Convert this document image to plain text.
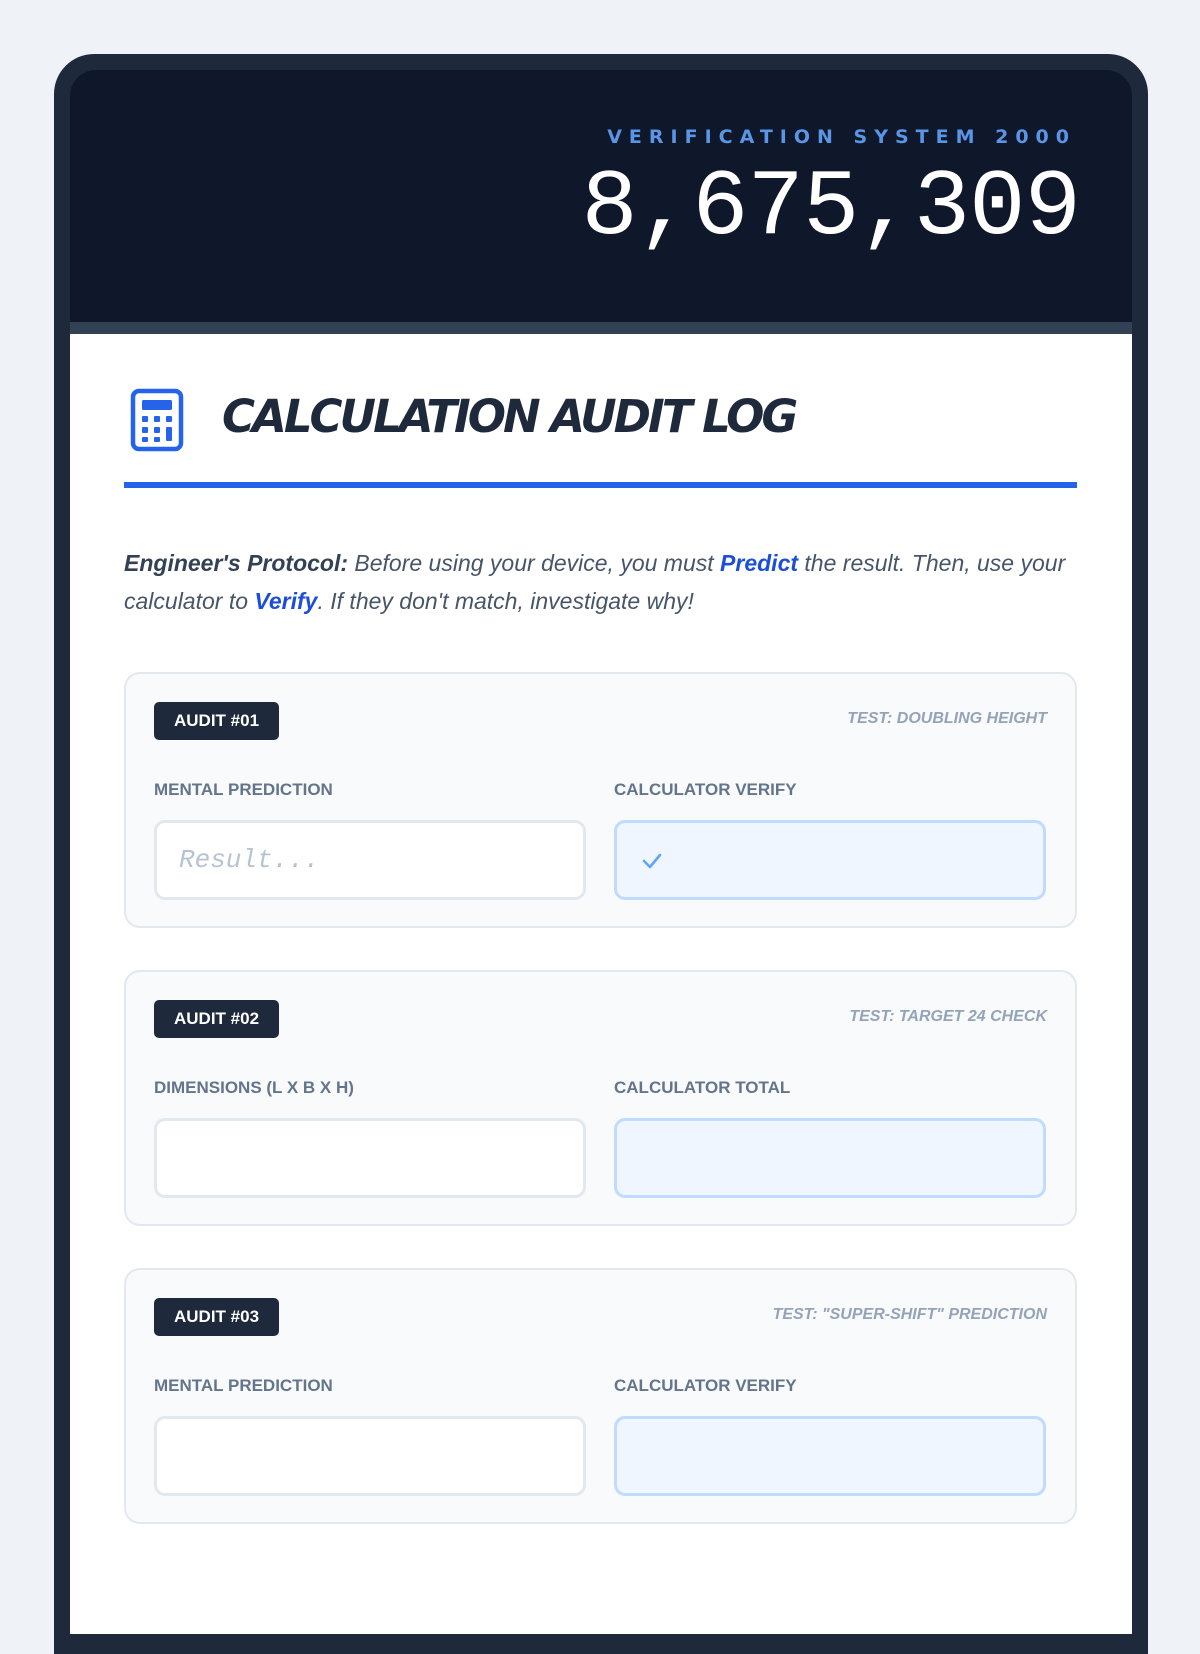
VERIFICATION SYSTEM 2000
8,675,309
CALCULATION AUDIT LOG
Engineer's Protocol: Before using your device, you must Predict the result. Then, use your calculator to Verify. If they don't match, investigate why!
AUDIT #01	TEST: DOUBLING HEIGHT
MENTAL PREDICTION	CALCULATOR VERIFY
Result...
AUDIT #02	TEST: TARGET 24 CHECK
DIMENSIONS (L X B X H)	CALCULATOR TOTAL
AUDIT #03	TEST: "SUPER-SHIFT" PREDICTION
MENTAL PREDICTION	CALCULATOR VERIFY
